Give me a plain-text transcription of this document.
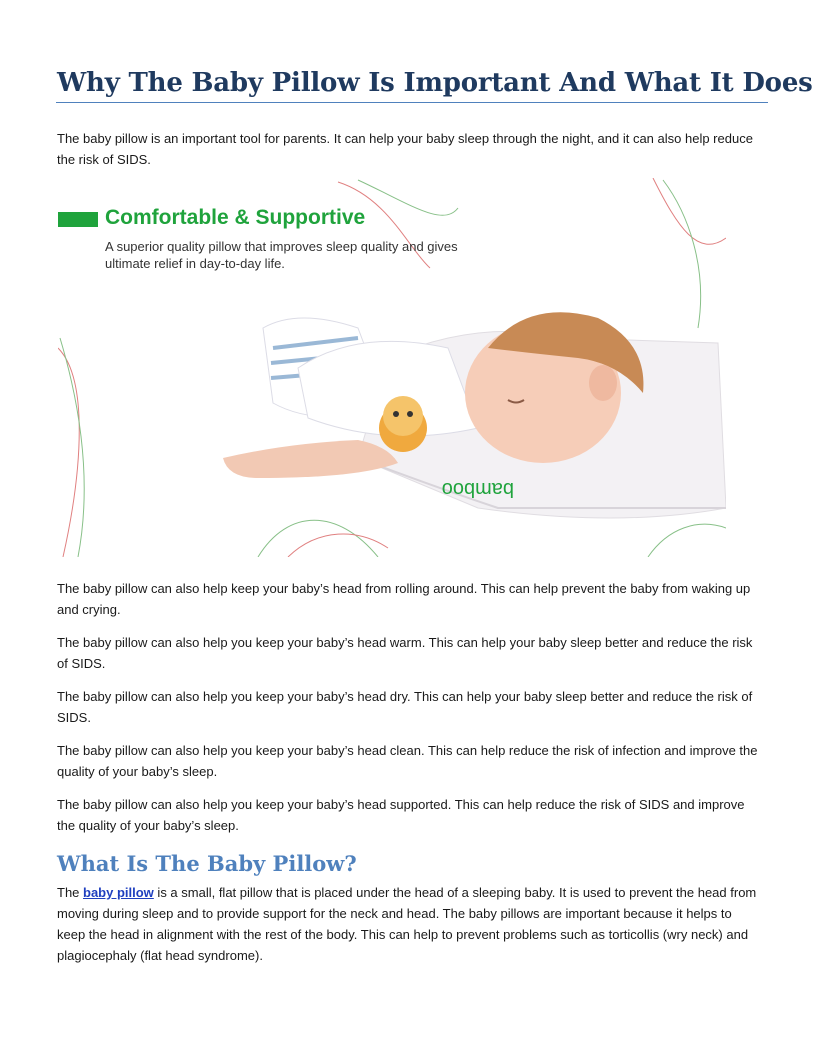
Why The Baby Pillow Is Important And What It Does

The baby pillow is an important tool for parents. It can help your baby sleep through the night, and it can also help reduce the risk of SIDS.

bamboo
Comfortable & Supportive
A superior quality pillow that improves sleep quality and gives ultimate relief in day-to-day life.

The baby pillow can also help keep your baby’s head from rolling around. This can help prevent the baby from waking up and crying.

The baby pillow can also help you keep your baby’s head warm. This can help your baby sleep better and reduce the risk of SIDS.

The baby pillow can also help you keep your baby’s head dry. This can help your baby sleep better and reduce the risk of SIDS.

The baby pillow can also help you keep your baby’s head clean. This can help reduce the risk of infection and improve the quality of your baby’s sleep.

The baby pillow can also help you keep your baby’s head supported. This can help reduce the risk of SIDS and improve the quality of your baby’s sleep.

What Is The Baby Pillow?

The baby pillow is a small, flat pillow that is placed under the head of a sleeping baby. It is used to prevent the head from moving during sleep and to provide support for the neck and head. The baby pillows are important because it helps to keep the head in alignment with the rest of the body. This can help to prevent problems such as torticollis (wry neck) and plagiocephaly (flat head syndrome).
